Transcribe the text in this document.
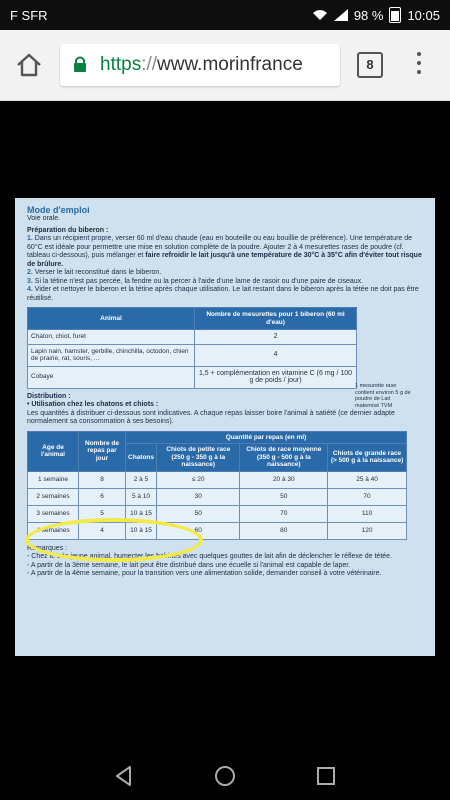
F SFR	98 % 10:05
https://www.morinfrance	8
Mode d'emploi
Voie orale.
Préparation du biberon :
1. Dans un récipient propre, verser 60 ml d'eau chaude (eau en bouteille ou eau bouillie de préférence). Une température de 60°C est idéale pour permettre une mise en solution complète de la poudre. Ajouter 2 à 4 mesurettes rases de poudre (cf. tableau ci-dessous), puis mélanger et faire refroidir le lait jusqu'à une température de 30°C à 35°C afin d'éviter tout risque de brûlure.
2. Verser le lait reconstitué dans le biberon.
3. Si la tétine n'est pas percée, la fendre ou la percer à l'aide d'une lame de rasoir ou d'une paire de ciseaux.
4. Vider et nettoyer le biberon et la tétine après chaque utilisation. Le lait restant dans le biberon après la tétée ne doit pas être réutilisé.
Animal	Nombre de mesurettes pour 1 biberon (60 ml d'eau)
Chaton, chiot, furet	2
Lapin nain, hamster, gerbille, chinchilla, octodon, chien de prairie, rat, souris, ...	4
Cobaye	1,5 + complémentation en vitamine C (6 mg / 100 g de poids / jour)
Distribution :
• Utilisation chez les chatons et chiots :
Les quantités à distribuer ci-dessous sont indicatives. A chaque repas laisser boire l'animal à satiété (ce dernier adapte normalement sa consommation à ses besoins).
Age de l'animal	Nombre de repas par jour	Quantité par repas (en ml)			
		Chatons	Chiots de petite race (250 g - 350 g à la naissance)	Chiots de race moyenne (350 g - 500 g à la naissance)	Chiots de grande race (> 500 g à la naissance)
1 semaine	8	2 à 5	≤ 20	20 à 30	25 à 40
2 semaines	6	5 à 10	30	50	70
3 semaines	5	10 à 15	50	70	110
4 semaines	4	10 à 15	60	80	120
Remarques :
- Chez le très jeune animal, humecter les babines avec quelques gouttes de lait afin de déclencher le réflexe de tétée.
- A partir de la 3ème semaine, le lait peut être distribué dans une écuelle si l'animal est capable de laper.
- A partir de la 4ème semaine, pour la transition vers une alimentation solide, demander conseil à votre vétérinaire.
1 mesurette rase contient environ 5 g de poudre de Lait maternisé TVM
